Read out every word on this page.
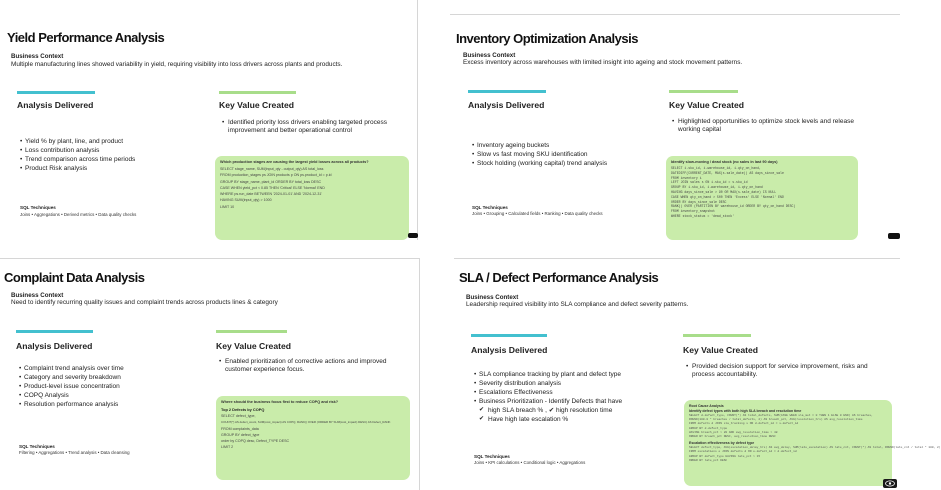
Yield Performance Analysis
Business Context
Multiple manufacturing lines showed variability in yield, requiring visibility into loss drivers across plants and products.
Analysis Delivered
• Yield % by plant, line, and product
• Loss contribution analysis
• Trend comparison across time periods
• Product Risk analysis
SQL Techniques
Joins • Aggregations • Derived metrics • Data quality checks
Key Value Created
• Identified priority loss drivers enabling targeted process improvement and better operational control
Which production stages are causing the largest yield losses across all products?
SELECT stage_name, SUM(input_qty - output_qty) AS total_loss
FROM production_stages ps JOIN products p ON ps.product_id = p.id
GROUP BY stage_name, plant_id ORDER BY total_loss DESC
CASE WHEN yield_pct < 0.85 THEN 'Critical' ELSE 'Normal' END
WHERE ps.run_date BETWEEN '2024-01-01' AND '2024-12-31'
HAVING SUM(input_qty) > 1000
LIMIT 10
Inventory Optimization Analysis
Business Context
Excess inventory across warehouses with limited insight into ageing and stock movement patterns.
Analysis Delivered
• Inventory ageing buckets
• Slow vs fast moving SKU identification
• Stock holding (working capital) trend analysis
SQL Techniques
Joins • Grouping • Calculated fields • Ranking • Data quality checks
Key Value Created
• Highlighted opportunities to optimize stock levels and release working capital
Identify slow-moving / dead stock (no sales in last 90 days)
SELECT i.sku_id, i.warehouse_id, i.qty_on_hand,
DATEDIFF(CURRENT_DATE, MAX(s.sale_date)) AS days_since_sale
FROM inventory i
LEFT JOIN sales s ON i.sku_id = s.sku_id
GROUP BY i.sku_id, i.warehouse_id, i.qty_on_hand
HAVING days_since_sale > 90 OR MAX(s.sale_date) IS NULL
CASE WHEN qty_on_hand > 500 THEN 'Excess' ELSE 'Normal' END
ORDER BY days_since_sale DESC
RANK() OVER (PARTITION BY warehouse_id ORDER BY qty_on_hand DESC)
FROM inventory_snapshot
WHERE stock_status = 'dead_stock'
Complaint Data Analysis
Business Context
Need to identify recurring quality issues and complaint trends across products lines & category
Analysis Delivered
• Complaint trend analysis over time
• Category and severity breakdown
• Product-level issue concentration
• COPQ Analysis
• Resolution performance analysis
SQL Techniques
Filtering • Aggregations • Trend analysis • Data cleansing
Key Value Created
• Enabled prioritization of corrective actions and improved customer experience focus.
Where should the business focus first to reduce COPQ and risk?
Top 2 Defects by COPQ
SELECT defect_type,
COUNT(*) AS defect_count, SUM(cost_impact) AS COPQ, RANK() OVER (ORDER BY SUM(cost_impact) DESC) AS Defect_RANK
FROM complaints_data
GROUP BY defect_type
order by COPQ desc, Defect_TYPE DESC
LIMIT 2
SLA / Defect Performance Analysis
Business Context
Leadership required visibility into SLA compliance and defect severity patterns.
Analysis Delivered
• SLA compliance tracking by plant and defect type
• Severity distribution analysis
• Escalations Effectiveness
• Business Prioritization - Identify Defects that have
✔ high SLA breach % , ✔ high resolution time
✔ Have high late escalation %
SQL Techniques
Joins • KPI calculations • Conditional logic • Aggregations
Key Value Created
• Provided decision support for service improvement, risks and process accountability.
Root Cause Analysis
Identify defect types with both high SLA breach and resolution time
SELECT d.defect_type, COUNT(*) AS total_defects, SUM(CASE WHEN sla_met = 0 THEN 1 ELSE 0 END) AS breaches,
ROUND(100.0 * breaches / total_defects, 2) AS breach_pct, AVG(resolution_hrs) AS avg_resolution_time
FROM defects d JOIN sla_tracking s ON d.defect_id = s.defect_id
GROUP BY d.defect_type
HAVING breach_pct > 20 AND avg_resolution_time > 48
ORDER BY breach_pct DESC, avg_resolution_time DESC
Escalation effectiveness by defect type
SELECT defect_type, AVG(escalation_delay_hrs) AS avg_delay, SUM(late_escalation) AS late_cnt, COUNT(*) AS total, ROUND(late_cnt / total * 100, 2)
FROM escalations e JOIN defects d ON e.defect_id = d.defect_id
GROUP BY defect_type HAVING late_pct > 15
ORDER BY late_pct DESC
